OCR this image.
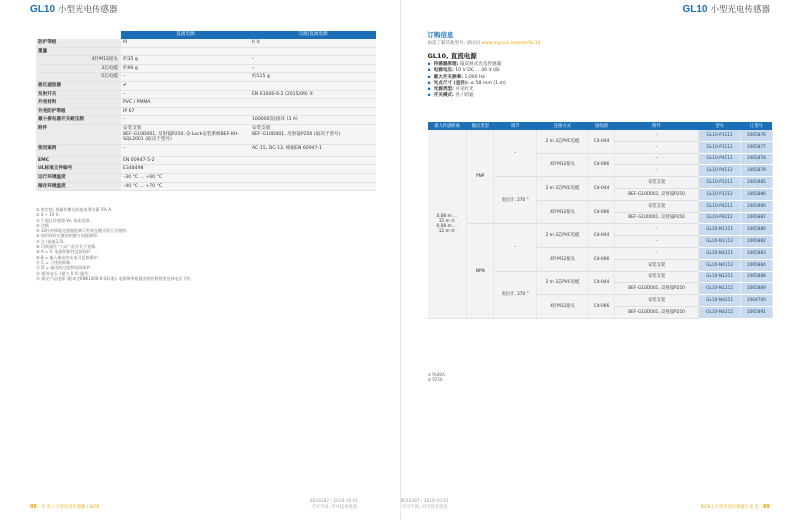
GL10 小型光电传感器
	直流电源	交流/直流电源
防护等级	III	II ②
重量		
4针M12接头	约35 g	–
3芯电缆	约90 g	–
5芯电缆	–	约115 g
极化滤波器	✔	
发射开关	–	EN 61000-6-2 (2015/09) ③
外壳材料	PVC / PMMA	
外壳防护等级	IP 67	
最小接电器开关耐压频	–	100000次(接环 (3 A)
附件	安装支架
BEF-G10D001, 反射镜P250, Q-Lock安装系统BEF-KH-SQL2001 (取决于型号)	安装支架
BEF-G10D001, 反射镜P250 (取决于型号)
使用案例	–	AC-15, DC-13, 根据EN 60947-1
EMC	EN 60947-5-2	
UL标准文件编号	E348498	
运行环境温度	–30 °C ... +60 °C	
储存环境温度	–40 °C ... +70 °C	
① 推定值, 视操作模式的基本滑动量 5% A.
② 4 ~ 10 V.
③ 不超过传感器 Ve, 基本范围.
④ 切换.
⑤ 10针的情境光感超距离可有效在模式的大学规格.
⑥ 使用保传定量的的额方向能频和.
⑦ 在 (最低1.5).
⑧ 切换器在 "公证" 的开发下宽频.
⑨ A = V, 电源的极性反接保护.
⑩ B = 输入输出的出电可反接保护.
⑪ C = 干扰的抑制.
⑫ D = 输出的过流和短路保护.
⑬ 使用电压: (最大 0 V) 操作.
⑭ 保定产品电源 (限本定EN61000-6-3标准), 电源频率根据由机的规格要达到电压下的.
86 光 电 | 小型光电传感器 | SICK
8016287 / 2019-10-01
可可不再, 可可技术更改
GL10 小型光电传感器
订购信息
如需了解其他型号, 请访问 www.mysick.com/en/GL10
GL10, 直流电源
▪ 传感器原理: 镜反射式光电传感器
▪ 电源电压: 10 V DC ... 30 V (8)
▪ 最大开关频率: 1,000 Hz
▪ 光点尺寸 (直径): ≤ 58 mm (1 m)
▪ 光源类型: 可见红光
▪ 开关模式: 亮 / 暗通
最大传感距离	输出类型	调节	连接方式	接线图	附件	型号	订货号
0.08 m ...
15 m ①
0.08 m ...
12 m ②	PNP	–	2 m 3芯PVC电缆	Cd-044	–	GL10-P1111	1065876
					–	GL10-P1112	1065877
			4针M12接头	Cd-066	–	GL10-P4111	1065878
					–	GL10-P4112	1065879
		电位计, 270 °	2 m 3芯PVC电缆	Cd-044	安装支架	GL10-P1211	1065885
					BEF-G10D001, 反射镜P250	GL10-P1212	1065886
			4针M12接头	Cd-066	安装支架	GL10-P4211	1065890
					BEF-G10D001, 反射镜P250	GL10-P4212	1065887
	NPN	–	2 m 3芯PVC电缆	Cd-044	–	GL10-N1111	1065880
					–	GL10-N1112	1065882
			4针M12接头	Cd-066	–	GL10-N4111	1065883
					安装支架	GL10-N4112	1065884
		电位计, 270 °	2 m 3芯PVC电缆	Cd-044	安装支架	GL10-N1211	1065888
					BEF-G10D001, 反射镜P250	GL10-N1212	1065889
			4针M12接头	Cd-066	安装支架	GL10-N4211	1064700
					BEF-G10D001, 反射镜P250	GL10-N4212	1065891
① PL80A.
② P250.
8016287 / 2019-10-01
可可不再, 可可技术更改	SICK | 小型光电传感器 | 光 电 89
